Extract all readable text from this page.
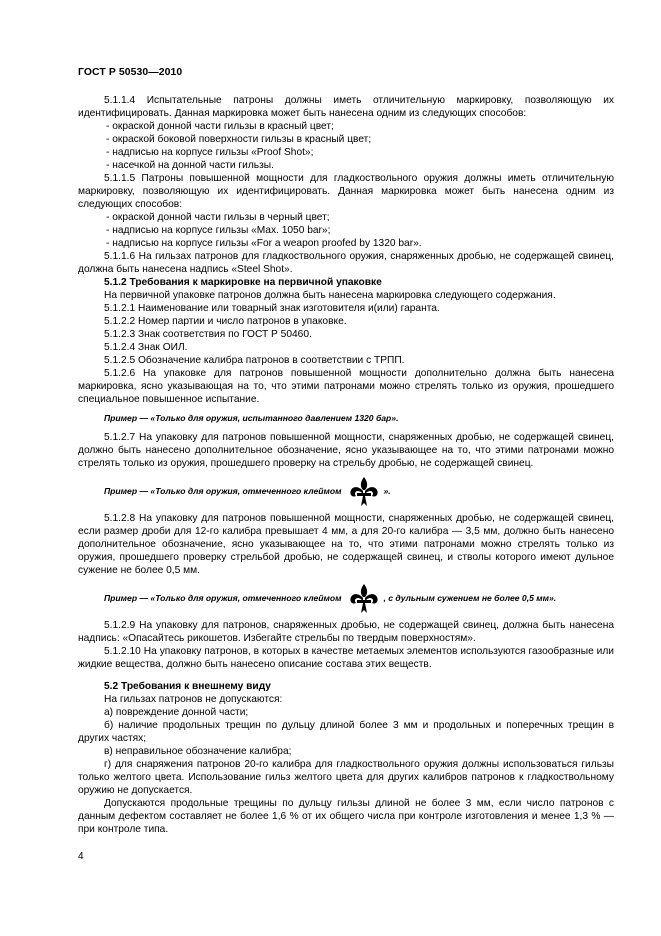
ГОСТ Р 50530—2010

5.1.1.4 Испытательные патроны должны иметь отличительную маркировку, позволяющую их идентифицировать. Данная маркировка может быть нанесена одним из следующих способов:

- окраской донной части гильзы в красный цвет;

- окраской боковой поверхности гильзы в красный цвет;

- надписью на корпусе гильзы «Proof Shot»;

- насечкой на донной части гильзы.

5.1.1.5 Патроны повышенной мощности для гладкоствольного оружия должны иметь отличительную маркировку, позволяющую их идентифицировать. Данная маркировка может быть нанесена одним из следующих способов:

- окраской донной части гильзы в черный цвет;

- надписью на корпусе гильзы «Max. 1050 bar»;

- надписью на корпусе гильзы «For a weapon proofed by 1320 bar».

5.1.1.6 На гильзах патронов для гладкоствольного оружия, снаряженных дробью, не содержащей свинец, должна быть нанесена надпись «Steel Shot».

5.1.2 Требования к маркировке на первичной упаковке

На первичной упаковке патронов должна быть нанесена маркировка следующего содержания.

5.1.2.1 Наименование или товарный знак изготовителя и(или) гаранта.

5.1.2.2 Номер партии и число патронов в упаковке.

5.1.2.3 Знак соответствия по ГОСТ Р 50460.

5.1.2.4 Знак ОИЛ.

5.1.2.5 Обозначение калибра патронов в соответствии с ТРПП.

5.1.2.6 На упаковке для патронов повышенной мощности дополнительно должна быть нанесена маркировка, ясно указывающая на то, что этими патронами можно стрелять только из оружия, прошедшего специальное повышенное испытание.

Пример — «Только для оружия, испытанного давлением 1320 бар».

5.1.2.7 На упаковку для патронов повышенной мощности, снаряженных дробью, не содержащей свинец, должно быть нанесено дополнительное обозначение, ясно указывающее на то, что этими патронами можно стрелять только из оружия, прошедшего проверку на стрельбу дробью, не содержащей свинец.

Пример — «Только для оружия, отмеченного клеймом	».

5.1.2.8 На упаковку для патронов повышенной мощности, снаряженных дробью, не содержащей свинец, если размер дроби для 12-го калибра превышает 4 мм, а для 20-го калибра — 3,5 мм, должно быть нанесено дополнительное обозначение, ясно указывающее на то, что этими патронами можно стрелять только из оружия, прошедшего проверку стрельбой дробью, не содержащей свинец, и стволы которого имеют дульное сужение не более 0,5 мм.

Пример — «Только для оружия, отмеченного клеймом	, с дульным сужением не более 0,5 мм».

5.1.2.9 На упаковку для патронов, снаряженных дробью, не содержащей свинец, должна быть нанесена надпись: «Опасайтесь рикошетов. Избегайте стрельбы по твердым поверхностям».

5.1.2.10 На упаковку патронов, в которых в качестве метаемых элементов используются газообразные или жидкие вещества, должно быть нанесено описание состава этих веществ.

5.2 Требования к внешнему виду

На гильзах патронов не допускаются:

а) повреждение донной части;

б) наличие продольных трещин по дульцу длиной более 3 мм и продольных и поперечных трещин в других частях;

в) неправильное обозначение калибра;

г) для снаряжения патронов 20-го калибра для гладкоствольного оружия должны использоваться гильзы только желтого цвета. Использование гильз желтого цвета для других калибров патронов к гладкоствольному оружию не допускается.

Допускаются продольные трещины по дульцу гильзы длиной не более 3 мм, если число патронов с данным дефектом составляет не более 1,6 % от их общего числа при контроле изготовления и менее 1,3 % — при контроле типа.

4
